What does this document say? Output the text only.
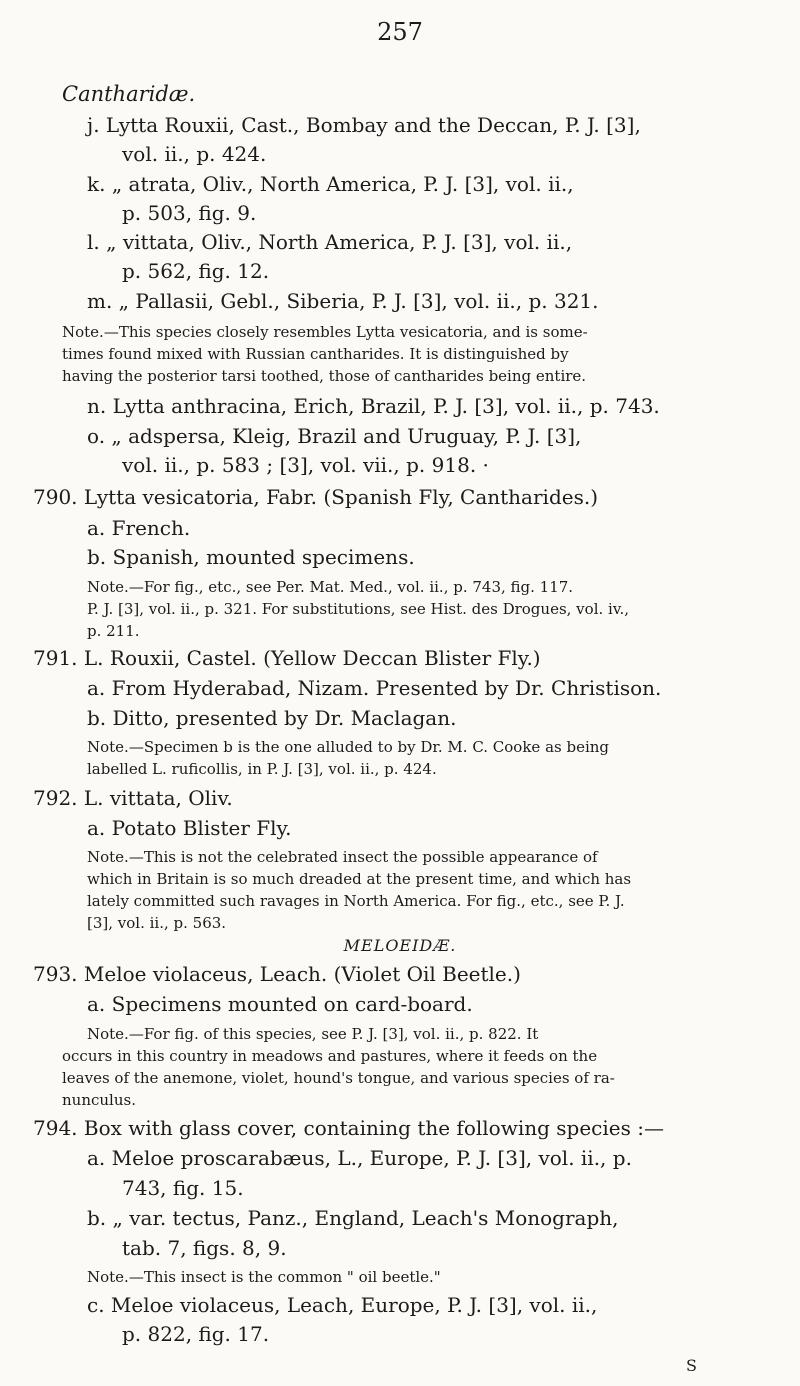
257
Cantharidæ.
j. Lytta Rouxii, Cast., Bombay and the Deccan, P. J. [3],
vol. ii., p. 424.
k. „ atrata, Oliv., North America, P. J. [3], vol. ii.,
p. 503, fig. 9.
l. „ vittata, Oliv., North America, P. J. [3], vol. ii.,
p. 562, fig. 12.
m. „ Pallasii, Gebl., Siberia, P. J. [3], vol. ii., p. 321.
Note.—This species closely resembles Lytta vesicatoria, and is some-
times found mixed with Russian cantharides. It is distinguished by
having the posterior tarsi toothed, those of cantharides being entire.
n. Lytta anthracina, Erich, Brazil, P. J. [3], vol. ii., p. 743.
o. „ adspersa, Kleig, Brazil and Uruguay, P. J. [3],
vol. ii., p. 583 ; [3], vol. vii., p. 918. ·
790. Lytta vesicatoria, Fabr. (Spanish Fly, Cantharides.)
a. French.
b. Spanish, mounted specimens.
Note.—For fig., etc., see Per. Mat. Med., vol. ii., p. 743, fig. 117.
P. J. [3], vol. ii., p. 321. For substitutions, see Hist. des Drogues, vol. iv.,
p. 211.
791. L. Rouxii, Castel. (Yellow Deccan Blister Fly.)
a. From Hyderabad, Nizam. Presented by Dr. Christison.
b. Ditto, presented by Dr. Maclagan.
Note.—Specimen b is the one alluded to by Dr. M. C. Cooke as being
labelled L. ruficollis, in P. J. [3], vol. ii., p. 424.
792. L. vittata, Oliv.
a. Potato Blister Fly.
Note.—This is not the celebrated insect the possible appearance of
which in Britain is so much dreaded at the present time, and which has
lately committed such ravages in North America. For fig., etc., see P. J.
[3], vol. ii., p. 563.
MELOEIDÆ.
793. Meloe violaceus, Leach. (Violet Oil Beetle.)
a. Specimens mounted on card-board.
Note.—For fig. of this species, see P. J. [3], vol. ii., p. 822. It
occurs in this country in meadows and pastures, where it feeds on the
leaves of the anemone, violet, hound's tongue, and various species of ra-
nunculus.
794. Box with glass cover, containing the following species :—
a. Meloe proscarabæus, L., Europe, P. J. [3], vol. ii., p.
743, fig. 15.
b. „ var. tectus, Panz., England, Leach's Monograph,
tab. 7, figs. 8, 9.
Note.—This insect is the common " oil beetle."
c. Meloe violaceus, Leach, Europe, P. J. [3], vol. ii.,
p. 822, fig. 17.
S
